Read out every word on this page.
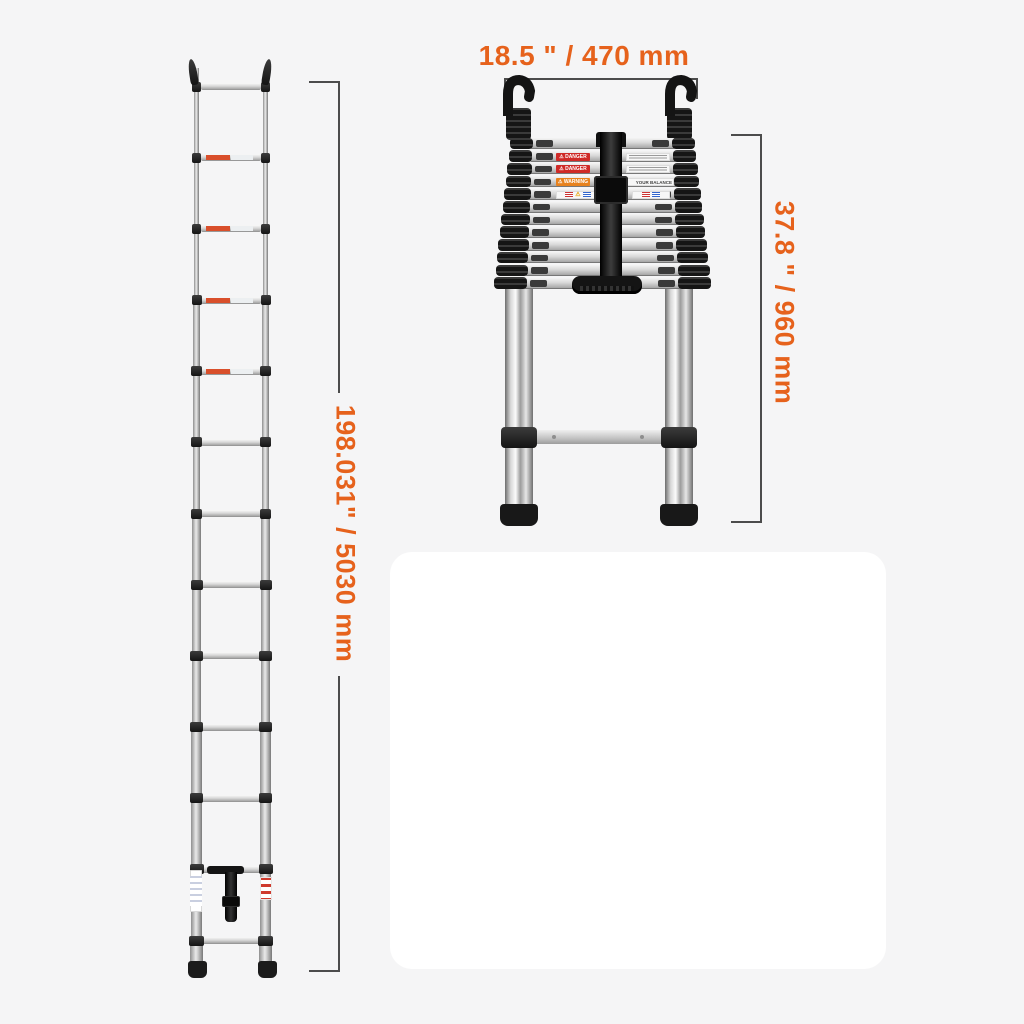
198.031" / 5030 mm
18.5 " / 470 mm
37.8 " / 960 mm
⚠ DANGER
⚠ DANGER
⚠ WARNING	YOUR BALANCE
⚠
